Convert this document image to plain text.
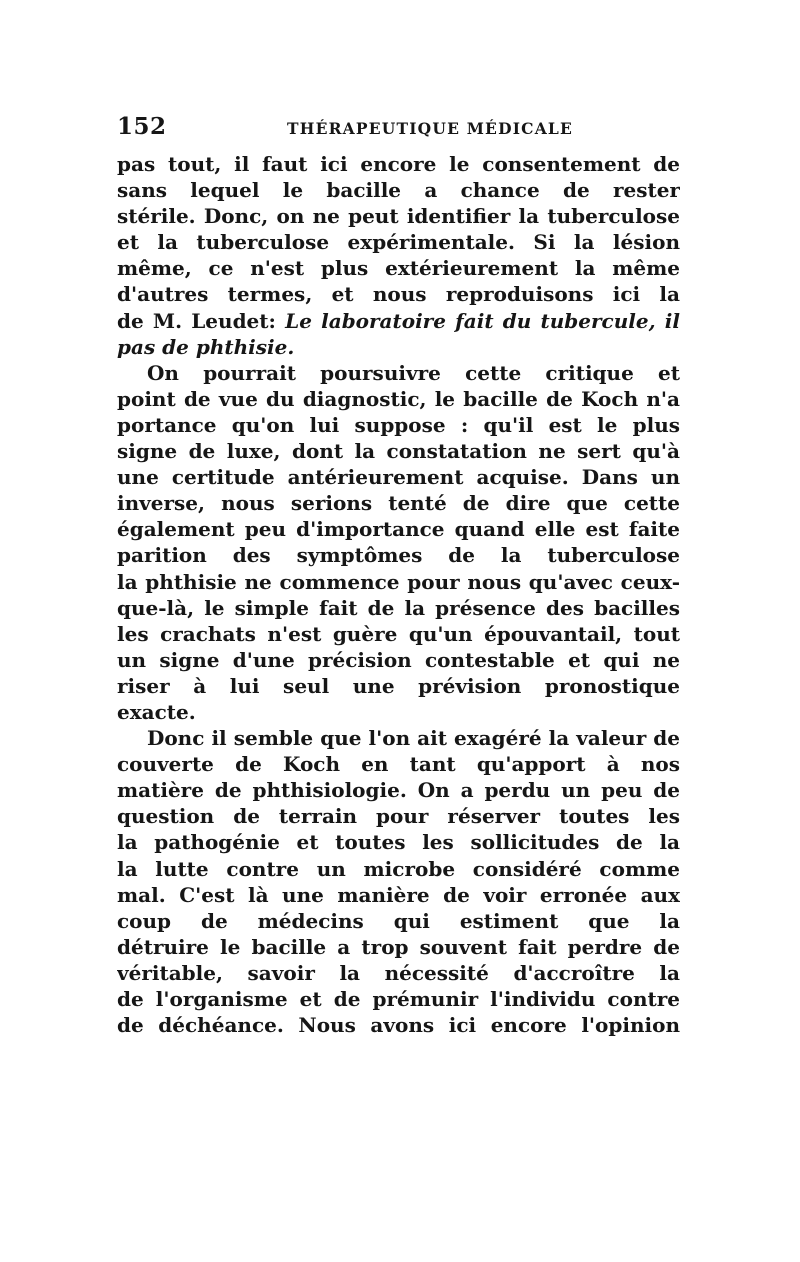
152	THÉRAPEUTIQUE MÉDICALE
pas tout, il faut ici encore le consentement de
sans lequel le bacille a chance de rester
stérile. Donc, on ne peut identifier la tuberculose
et la tuberculose expérimentale. Si la lésion
même, ce n'est plus extérieurement la même
d'autres termes, et nous reproduisons ici la
de M. Leudet: Le laboratoire fait du tubercule, il
pas de phthisie.
On pourrait poursuivre cette critique et
point de vue du diagnostic, le bacille de Koch n'a
portance qu'on lui suppose : qu'il est le plus
signe de luxe, dont la constatation ne sert qu'à
une certitude antérieurement acquise. Dans un
inverse, nous serions tenté de dire que cette
également peu d'importance quand elle est faite
parition des symptômes de la tuberculose
la phthisie ne commence pour nous qu'avec ceux-
que-là, le simple fait de la présence des bacilles
les crachats n'est guère qu'un épouvantail, tout
un signe d'une précision contestable et qui ne
riser à lui seul une prévision pronostique
exacte.
Donc il semble que l'on ait exagéré la valeur de
couverte de Koch en tant qu'apport à nos
matière de phthisiologie. On a perdu un peu de
question de terrain pour réserver toutes les
la pathogénie et toutes les sollicitudes de la
la lutte contre un microbe considéré comme
mal. C'est là une manière de voir erronée aux
coup de médecins qui estiment que la
détruire le bacille a trop souvent fait perdre de
véritable, savoir la nécessité d'accroître la
de l'organisme et de prémunir l'individu contre
de déchéance. Nous avons ici encore l'opinion
